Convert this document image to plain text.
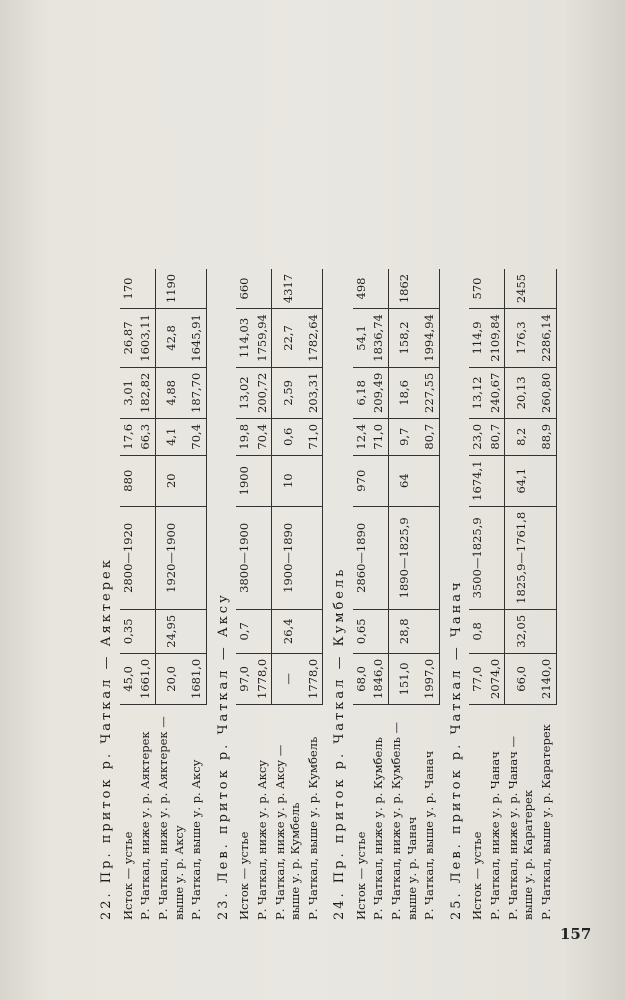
22. Пр. приток р. Чаткал — Аяктерек								
Исток — устье	45,0	0,35	2800—1920	880	17,6	3,01	26,87	170
Р. Чаткал, ниже у. р. Аяктерек	1661,0				66,3	182,82	1603,11	
Р. Чаткал, ниже у. р. Аяктерек — выше у. р. Аксу	20,0	24,95	1920—1900	20	4,1	4,88	42,8	1190
Р. Чаткал, выше у. р. Аксу	1681,0				70,4	187,70	1645,91	
23. Лев. приток р. Чаткал — Аксу								
Исток — устье	97,0	0,7	3800—1900	1900	19,8	13,02	114,03	660
Р. Чаткал, ниже у. р. Аксу	1778,0				70,4	200,72	1759,94	
Р. Чаткал, ниже у. р. Аксу — выше у. р. Кумбель	—	26,4	1900—1890	10	0,6	2,59	22,7	4317
Р. Чаткал, выше у. р. Кумбель	1778,0				71,0	203,31	1782,64	
24. Пр. приток р. Чаткал — Кумбель								
Исток — устье	68,0	0,65	2860—1890	970	12,4	6,18	54,1	498
Р. Чаткал, ниже у. р. Кумбель	1846,0				71,0	209,49	1836,74	
Р. Чаткал, ниже у. р. Кумбель — выше у. р. Чанач	151,0	28,8	1890—1825,9	64	9,7	18,6	158,2	1862
Р. Чаткал, выше у. р. Чанач	1997,0				80,7	227,55	1994,94	
25. Лев. приток р. Чаткал — Чанач								
Исток — устье	77,0	0,8	3500—1825,9	1674,1	23,0	13,12	114,9	570
Р. Чаткал, ниже у. р. Чанач	2074,0				80,7	240,67	2109,84	
Р. Чаткал, ниже у. р. Чанач — выше у. р. Каратерек	66,0	32,05	1825,9—1761,8	64,1	8,2	20,13	176,3	2455
Р. Чаткал, выше у. р. Каратерек	2140,0				88,9	260,80	2286,14	
157
